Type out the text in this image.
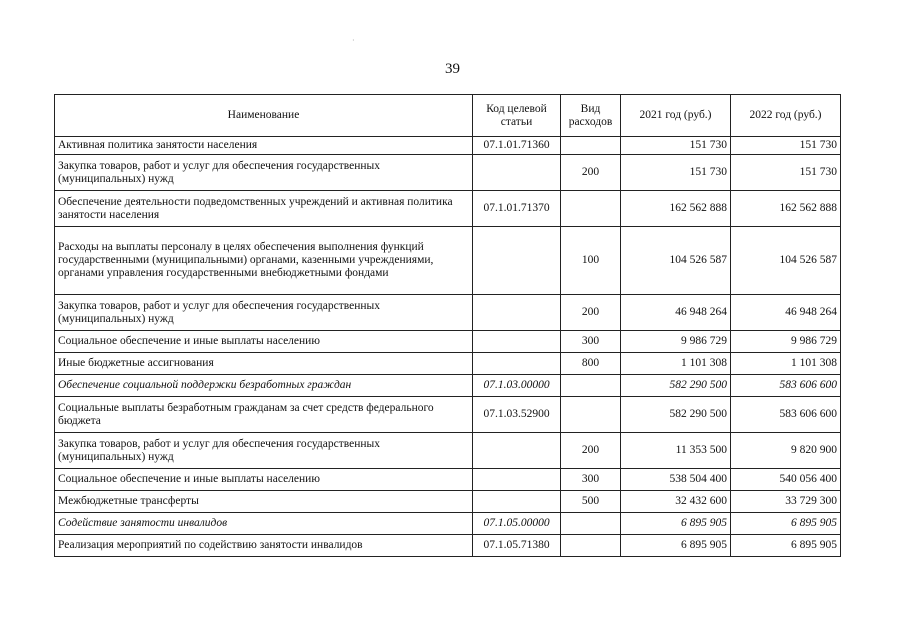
·
39
Наименование	Код целевой статьи	Вид расходов	2021 год (руб.)	2022 год (руб.)
Активная политика занятости населения	07.1.01.71360		151 730	151 730
Закупка товаров, работ и услуг для обеспечения государственных (муниципальных) нужд		200	151 730	151 730
Обеспечение деятельности подведомственных учреждений и активная политика занятости населения	07.1.01.71370		162 562 888	162 562 888
Расходы на выплаты персоналу в целях обеспечения выполнения функций государственными (муниципальными) органами, казенными учреждениями, органами управления государственными внебюджетными фондами		100	104 526 587	104 526 587
Закупка товаров, работ и услуг для обеспечения государственных (муниципальных) нужд		200	46 948 264	46 948 264
Социальное обеспечение и иные выплаты населению		300	9 986 729	9 986 729
Иные бюджетные ассигнования		800	1 101 308	1 101 308
Обеспечение социальной поддержки безработных граждан	07.1.03.00000		582 290 500	583 606 600
Социальные выплаты безработным гражданам за счет средств федерального бюджета	07.1.03.52900		582 290 500	583 606 600
Закупка товаров, работ и услуг для обеспечения государственных (муниципальных) нужд		200	11 353 500	9 820 900
Социальное обеспечение и иные выплаты населению		300	538 504 400	540 056 400
Межбюджетные трансферты		500	32 432 600	33 729 300
Содействие занятости инвалидов	07.1.05.00000		6 895 905	6 895 905
Реализация мероприятий по содействию занятости инвалидов	07.1.05.71380		6 895 905	6 895 905
